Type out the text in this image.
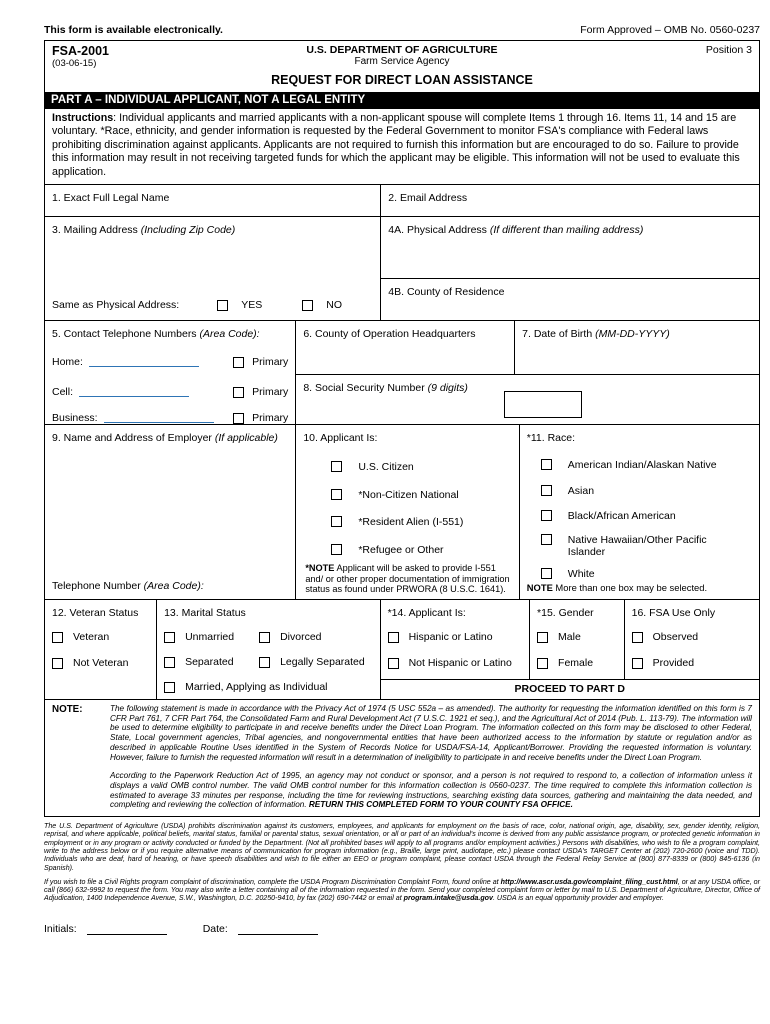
This form is available electronically.	Form Approved – OMB No. 0560-0237
FSA-2001
(03-06-15)
U.S. DEPARTMENT OF AGRICULTURE
Farm Service Agency
Position 3
REQUEST FOR DIRECT LOAN ASSISTANCE
PART A – INDIVIDUAL APPLICANT, NOT A LEGAL ENTITY
Instructions: Individual applicants and married applicants with a non-applicant spouse will complete Items 1 through 16. Items 11, 14 and 15 are voluntary. *Race, ethnicity, and gender information is requested by the Federal Government to monitor FSA's compliance with Federal laws prohibiting discrimination against applicants. Applicants are not required to furnish this information but are encouraged to do so. Failure to provide this information may result in not receiving targeted funds for which the applicant may be eligible. This information will not be used to evaluate this application.
1. Exact Full Legal Name	2. Email Address
3. Mailing Address (Including Zip Code)
Same as Physical Address:	YES	NO
4A. Physical Address (If different than mailing address)
4B. County of Residence
5. Contact Telephone Numbers (Area Code):
Home:	Primary
Cell:	Primary
Business:	Primary
6. County of Operation Headquarters	7. Date of Birth (MM-DD-YYYY)
8. Social Security Number (9 digits)
9. Name and Address of Employer (If applicable)
Telephone Number (Area Code):
10. Applicant Is:
U.S. Citizen
*Non-Citizen National
*Resident Alien (I-551)
*Refugee or Other
*NOTE Applicant will be asked to provide I-551 and/ or other proper documentation of immigration status as found under PRWORA (8 U.S.C. 1641).
*11. Race:
American Indian/Alaskan Native
Asian
Black/African American
Native Hawaiian/Other Pacific Islander
White
NOTE More than one box may be selected.
12. Veteran Status
Veteran
Not Veteran
13. Marital Status
Unmarried	Divorced
Separated	Legally Separated
Married, Applying as Individual
*14. Applicant Is:
Hispanic or Latino
Not Hispanic or Latino
*15. Gender
Male
Female
16. FSA Use Only
Observed
Provided
PROCEED TO PART D
NOTE:	The following statement is made in accordance with the Privacy Act of 1974 (5 USC 552a – as amended). The authority for requesting the information identified on this form is 7 CFR Part 761, 7 CFR Part 764, the Consolidated Farm and Rural Development Act (7 U.S.C. 1921 et seq.), and the Agricultural Act of 2014 (Pub. L. 113-79). The information will be used to determine eligibility to participate in and receive benefits under the Direct Loan Program. The information collected on this form may be disclosed to other Federal, State, Local government agencies, Tribal agencies, and nongovernmental entities that have been authorized access to the information by statute or regulation and/or as described in applicable Routine Uses identified in the System of Records Notice for USDA/FSA-14, Applicant/Borrower. Providing the requested information is voluntary. However, failure to furnish the requested information will result in a determination of ineligibility to participate in and receive benefits under the Direct Loan Program.

According to the Paperwork Reduction Act of 1995, an agency may not conduct or sponsor, and a person is not required to respond to, a collection of information unless it displays a valid OMB control number. The valid OMB control number for this information collection is 0560-0237. The time required to complete this information collection is estimated to average 33 minutes per response, including the time for reviewing instructions, searching existing data sources, gathering and maintaining the data needed, and completing and reviewing the collection of information. RETURN THIS COMPLETED FORM TO YOUR COUNTY FSA OFFICE.

The U.S. Department of Agriculture (USDA) prohibits discrimination against its customers, employees, and applicants for employment on the basis of race, color, national origin, age, disability, sex, gender identity, religion, reprisal, and where applicable, political beliefs, marital status, familial or parental status, sexual orientation, or all or part of an individual's income is derived from any public assistance program, or protected genetic information in employment or in any program or activity conducted or funded by the Department. (Not all prohibited bases will apply to all programs and/or employment activities.) Persons with disabilities, who wish to file a program complaint, write to the address below or if you require alternative means of communication for program information (e.g., Braille, large print, audiotape, etc.) please contact USDA's TARGET Center at (202) 720-2600 (voice and TDD). Individuals who are deaf, hard of hearing, or have speech disabilities and wish to file either an EEO or program complaint, please contact USDA through the Federal Relay Service at (800) 877-8339 or (800) 845-6136 (in Spanish).

If you wish to file a Civil Rights program complaint of discrimination, complete the USDA Program Discrimination Complaint Form, found online at http://www.ascr.usda.gov/complaint_filing_cust.html, or at any USDA office, or call (866) 632-9992 to request the form. You may also write a letter containing all of the information requested in the form. Send your completed complaint form or letter by mail to U.S. Department of Agriculture, Director, Office of Adjudication, 1400 Independence Avenue, S.W., Washington, D.C. 20250-9410, by fax (202) 690-7442 or email at program.intake@usda.gov. USDA is an equal opportunity provider and employer.

Initials:	Date:
